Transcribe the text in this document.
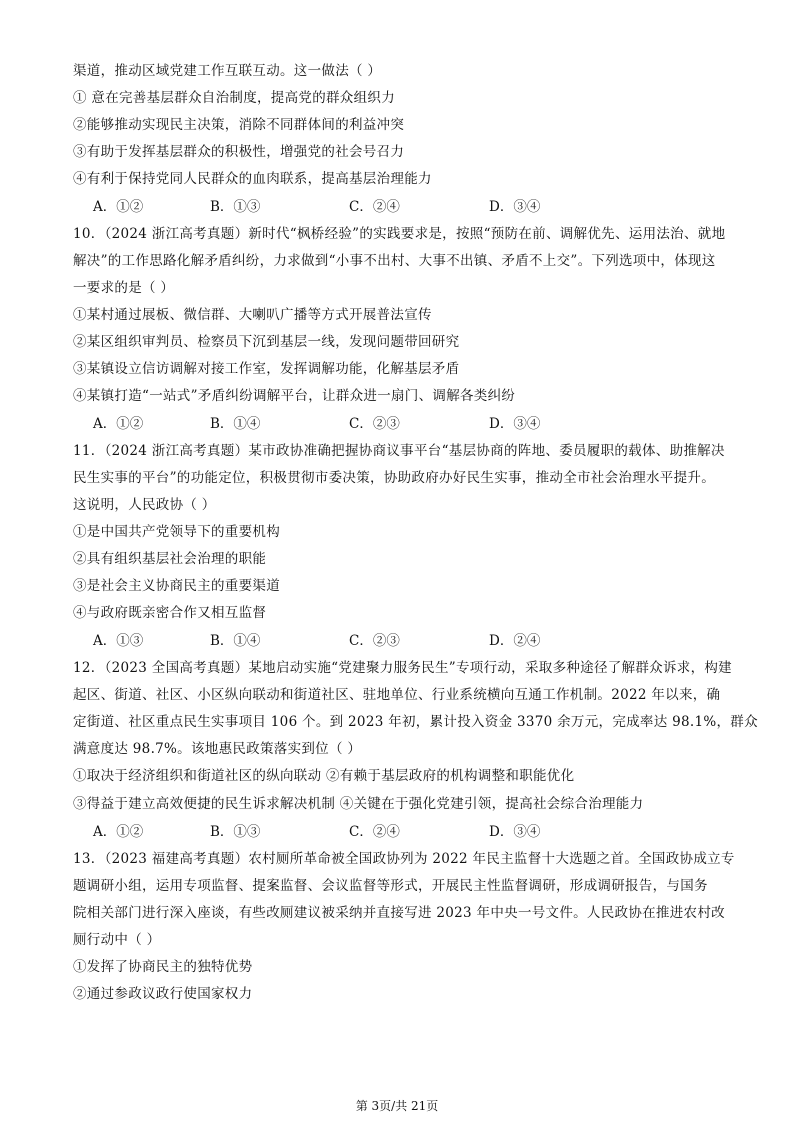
渠道，推动区域党建工作互联互动。这一做法（ ）
① 意在完善基层群众自治制度，提高党的群众组织力
②能够推动实现民主决策，消除不同群体间的利益冲突
③有助于发挥基层群众的积极性，增强党的社会号召力
④有利于保持党同人民群众的血肉联系，提高基层治理能力
A．①②	B．①③	C．②④	D．③④
10．（2024 浙江高考真题）新时代“枫桥经验”的实践要求是，按照“预防在前、调解优先、运用法治、就地
解决”的工作思路化解矛盾纠纷，力求做到“小事不出村、大事不出镇、矛盾不上交”。下列选项中，体现这
一要求的是（ ）
①某村通过展板、微信群、大喇叭广播等方式开展普法宣传
②某区组织审判员、检察员下沉到基层一线，发现问题带回研究
③某镇设立信访调解对接工作室，发挥调解功能，化解基层矛盾
④某镇打造“一站式”矛盾纠纷调解平台，让群众进一扇门、调解各类纠纷
A．①②	B．①④	C．②③	D．③④
11．（2024 浙江高考真题）某市政协准确把握协商议事平台“基层协商的阵地、委员履职的载体、助推解决
民生实事的平台”的功能定位，积极贯彻市委决策，协助政府办好民生实事，推动全市社会治理水平提升。
这说明，人民政协（ ）
①是中国共产党领导下的重要机构
②具有组织基层社会治理的职能
③是社会主义协商民主的重要渠道
④与政府既亲密合作又相互监督
A．①③	B．①④	C．②③	D．②④
12．（2023 全国高考真题）某地启动实施“党建聚力服务民生”专项行动，采取多种途径了解群众诉求，构建
起区、街道、社区、小区纵向联动和街道社区、驻地单位、行业系统横向互通工作机制。2022 年以来，确
定街道、社区重点民生实事项目 106 个。到 2023 年初，累计投入资金 3370 余万元，完成率达 98.1%，群众
满意度达 98.7%。该地惠民政策落实到位（ ）
①取决于经济组织和街道社区的纵向联动 ②有赖于基层政府的机构调整和职能优化
③得益于建立高效便捷的民生诉求解决机制 ④关键在于强化党建引领，提高社会综合治理能力
A．①②	B．①③	C．②④	D．③④
13．（2023 福建高考真题）农村厕所革命被全国政协列为 2022 年民主监督十大选题之首。全国政协成立专
题调研小组，运用专项监督、提案监督、会议监督等形式，开展民主性监督调研，形成调研报告，与国务
院相关部门进行深入座谈，有些改厕建议被采纳并直接写进 2023 年中央一号文件。人民政协在推进农村改
厕行动中（ ）
①发挥了协商民主的独特优势
②通过参政议政行使国家权力
第 3页/共 21页
